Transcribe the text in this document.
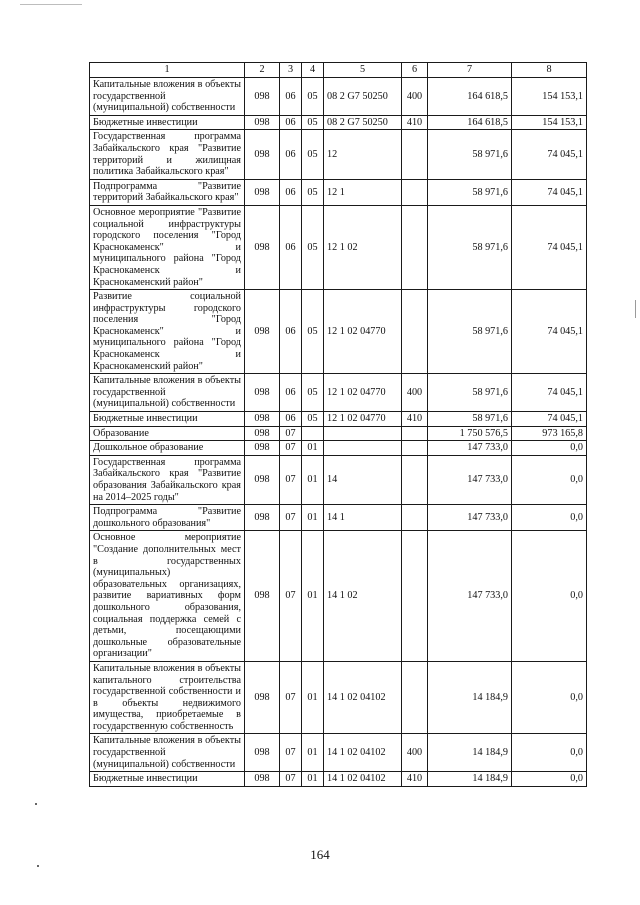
1	2	3	4	5	6	7	8
Капитальные вложения в объекты государственной (муниципальной) собственности	098	06	05	08 2 G7 50250	400	164 618,5	154 153,1
Бюджетные инвестиции	098	06	05	08 2 G7 50250	410	164 618,5	154 153,1
Государственная программа Забайкальского края "Развитие территорий и жилищная политика Забайкальского края"	098	06	05	12		58 971,6	74 045,1
Подпрограмма "Развитие территорий Забайкальского края"	098	06	05	12 1		58 971,6	74 045,1
Основное мероприятие "Развитие социальной инфраструктуры городского поселения "Город Краснокаменск" и муниципального района "Город Краснокаменск и Краснокаменский район"	098	06	05	12 1 02		58 971,6	74 045,1
Развитие социальной инфраструктуры городского поселения "Город Краснокаменск" и муниципального района "Город Краснокаменск и Краснокаменский район"	098	06	05	12 1 02 04770		58 971,6	74 045,1
Капитальные вложения в объекты государственной (муниципальной) собственности	098	06	05	12 1 02 04770	400	58 971,6	74 045,1
Бюджетные инвестиции	098	06	05	12 1 02 04770	410	58 971,6	74 045,1
Образование	098	07				1 750 576,5	973 165,8
Дошкольное образование	098	07	01			147 733,0	0,0
Государственная программа Забайкальского края "Развитие образования Забайкальского края на 2014–2025 годы"	098	07	01	14		147 733,0	0,0
Подпрограмма "Развитие дошкольного образования"	098	07	01	14 1		147 733,0	0,0
Основное мероприятие "Создание дополнительных мест в государственных (муниципальных) образовательных организациях, развитие вариативных форм дошкольного образования, социальная поддержка семей с детьми, посещающими дошкольные образовательные организации"	098	07	01	14 1 02		147 733,0	0,0
Капитальные вложения в объекты капитального строительства государственной собственности и в объекты недвижимого имущества, приобретаемые в государственную собственность	098	07	01	14 1 02 04102		14 184,9	0,0
Капитальные вложения в объекты государственной (муниципальной) собственности	098	07	01	14 1 02 04102	400	14 184,9	0,0
Бюджетные инвестиции	098	07	01	14 1 02 04102	410	14 184,9	0,0
164
